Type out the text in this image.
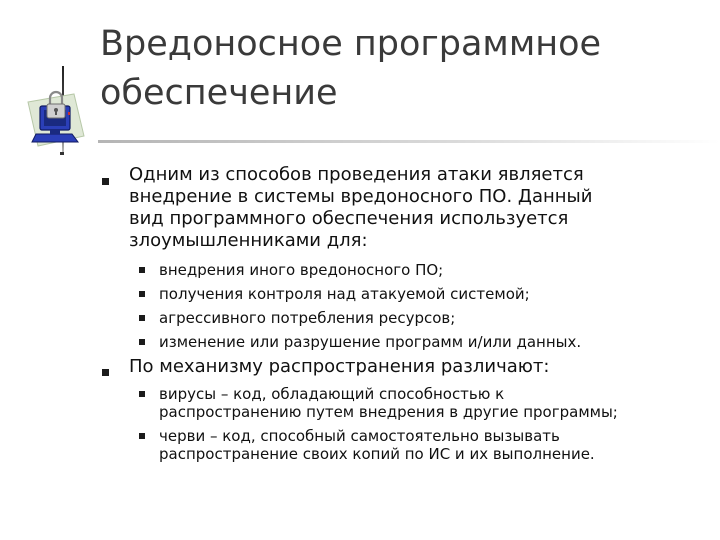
Вредоносное программное
обеспечение
Одним из способов проведения атаки является
внедрение в системы вредоносного ПО. Данный
вид программного обеспечения используется
злоумышленниками для:
внедрения иного вредоносного ПО;
получения контроля над атакуемой системой;
агрессивного потребления ресурсов;
изменение или разрушение программ и/или данных.
По механизму распространения различают:
вирусы – код, обладающий способностью к
распространению путем внедрения в другие программы;
черви – код, способный самостоятельно вызывать
распространение своих копий по ИС и их выполнение.
